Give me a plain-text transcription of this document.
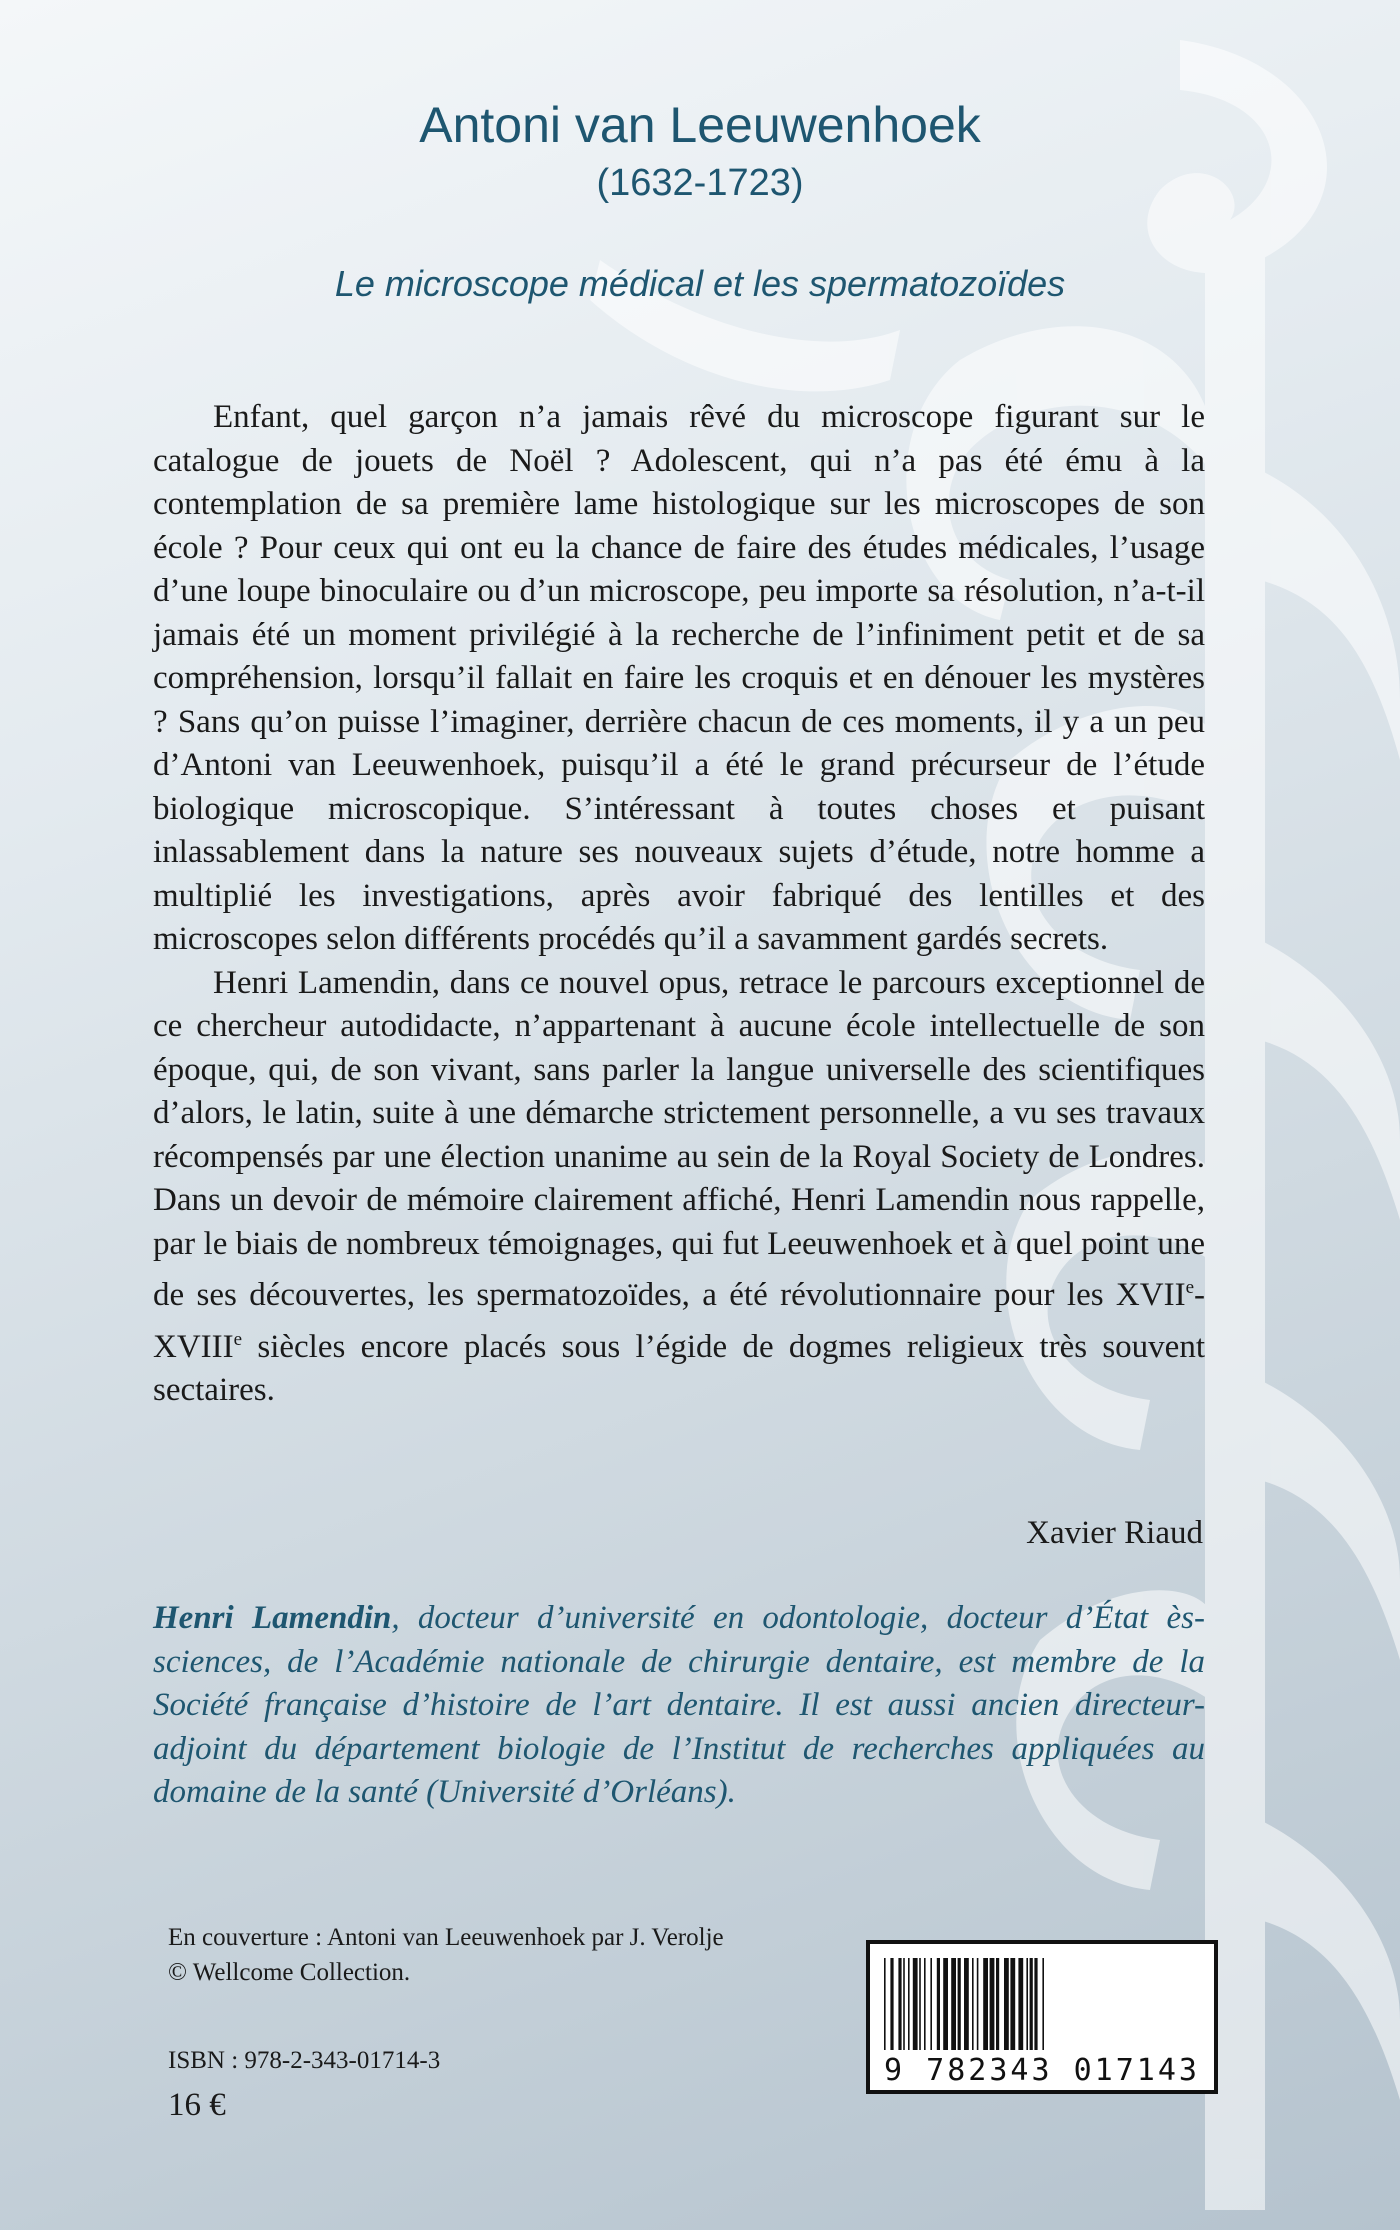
Antoni van Leeuwenhoek
(1632-1723)
Le microscope médical et les spermatozoïdes

Enfant, quel garçon n’a jamais rêvé du microscope figurant sur le catalogue de jouets de Noël ? Adolescent, qui n’a pas été ému à la contemplation de sa première lame histologique sur les microscopes de son école ? Pour ceux qui ont eu la chance de faire des études médicales, l’usage d’une loupe binoculaire ou d’un microscope, peu importe sa résolution, n’a-t-il jamais été un moment privilégié à la recherche de l’infiniment petit et de sa compréhension, lorsqu’il fallait en faire les croquis et en dénouer les mystères ? Sans qu’on puisse l’imaginer, derrière chacun de ces moments, il y a un peu d’Antoni van Leeuwenhoek, puisqu’il a été le grand précurseur de l’étude biologique microscopique. S’intéressant à toutes choses et puisant inlassablement dans la nature ses nouveaux sujets d’étude, notre homme a multiplié les investigations, après avoir fabriqué des lentilles et des microscopes selon différents procédés qu’il a savamment gardés secrets.

Henri Lamendin, dans ce nouvel opus, retrace le parcours exceptionnel de ce chercheur autodidacte, n’appartenant à aucune école intellectuelle de son époque, qui, de son vivant, sans parler la langue universelle des scientifiques d’alors, le latin, suite à une démarche strictement personnelle, a vu ses travaux récompensés par une élection unanime au sein de la Royal Society de Londres. Dans un devoir de mémoire clairement affiché, Henri Lamendin nous rappelle, par le biais de nombreux témoignages, qui fut Leeuwenhoek et à quel point une de ses découvertes, les spermatozoïdes, a été révolutionnaire pour les XVIIe-XVIIIe siècles encore placés sous l’égide de dogmes religieux très souvent sectaires.

Xavier Riaud

Henri Lamendin, docteur d’université en odontologie, docteur d’État ès-sciences, de l’Académie nationale de chirurgie dentaire, est membre de la Société française d’histoire de l’art dentaire. Il est aussi ancien directeur-adjoint du département biologie de l’Institut de recherches appliquées au domaine de la santé (Université d’Orléans).

En couverture : Antoni van Leeuwenhoek par J. Verolje
© Wellcome Collection.
ISBN : 978-2-343-01714-3
16 €
9 782343 017143
